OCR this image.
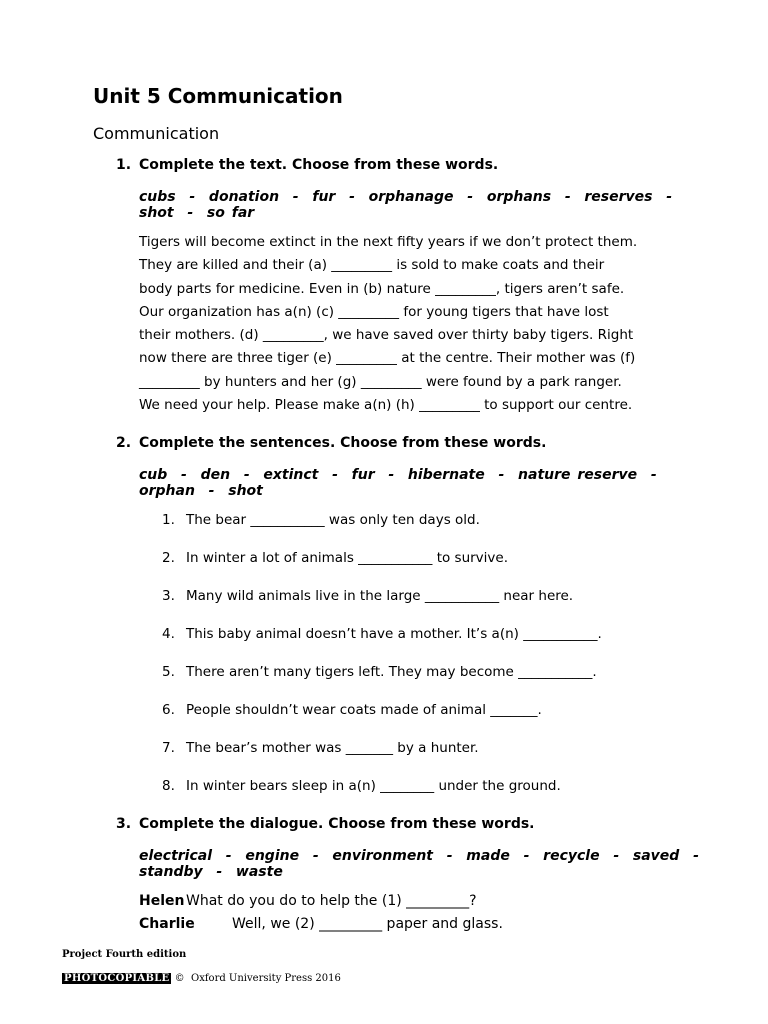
Unit 5 Communication
Communication
1. Complete the text. Choose from these words.
cubs  -  donation  -  fur  -  orphanage  -  orphans  -  reserves  -
shot  -  so far
Tigers will become extinct in the next fifty years if we don’t protect them.
They are killed and their (a) _________ is sold to make coats and their
body parts for medicine. Even in (b) nature _________, tigers aren’t safe.
Our organization has a(n) (c) _________ for young tigers that have lost
their mothers. (d) _________, we have saved over thirty baby tigers. Right
now there are three tiger (e) _________ at the centre. Their mother was (f)
_________ by hunters and her (g) _________ were found by a park ranger.
We need your help. Please make a(n) (h) _________ to support our centre.
2. Complete the sentences. Choose from these words.
cub  -  den  -  extinct  -  fur  -  hibernate  -  nature reserve  -
orphan  -  shot
1. The bear ___________ was only ten days old.
2. In winter a lot of animals ___________ to survive.
3. Many wild animals live in the large ___________ near here.
4. This baby animal doesn’t have a mother. It’s a(n) ___________.
5. There aren’t many tigers left. They may become ___________.
6. People shouldn’t wear coats made of animal _______.
7. The bear’s mother was _______ by a hunter.
8. In winter bears sleep in a(n) ________ under the ground.
3. Complete the dialogue. Choose from these words.
electrical  -  engine  -  environment  -  made  -  recycle  -  saved  -
standby  -  waste
Helen What do you do to help the (1) _________?
Charlie	Well, we (2) _________ paper and glass.
Project Fourth edition
PHOTOCOPIABLE ©  Oxford University Press 2016
